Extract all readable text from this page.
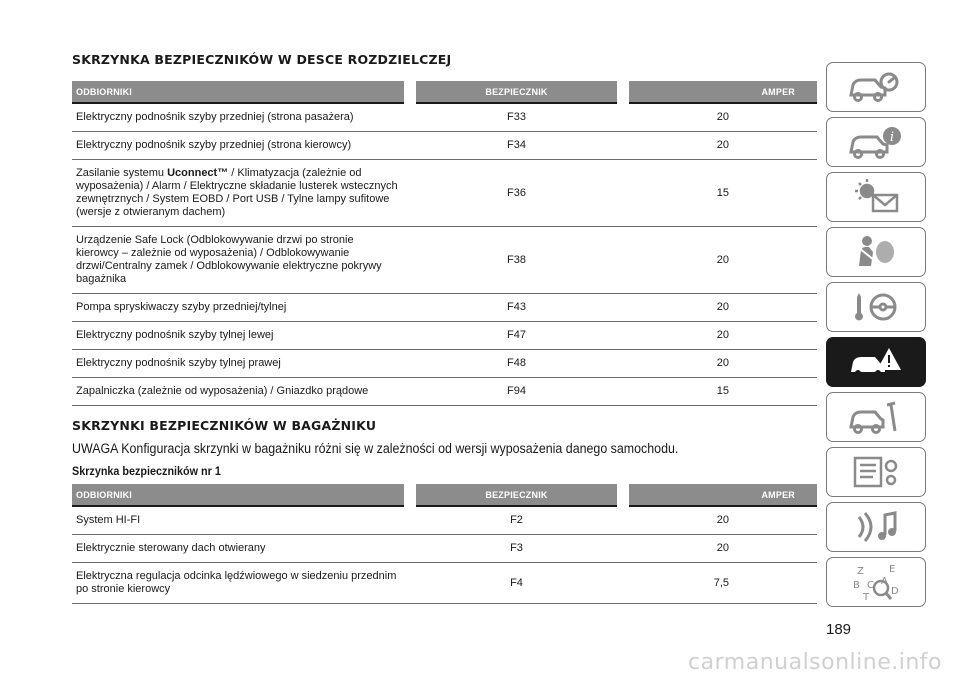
SKRZYNKA BEZPIECZNIKÓW W DESCE ROZDZIELCZEJ
ODBIORNIKI	BEZPIECZNIK	AMPER
Elektryczny podnośnik szyby przedniej (strona pasażera)	F33	20
Elektryczny podnośnik szyby przedniej (strona kierowcy)	F34	20
Zasilanie systemu Uconnect™ / Klimatyzacja (zależnie od wyposażenia) / Alarm / Elektryczne składanie lusterek wstecznych zewnętrznych / System EOBD / Port USB / Tylne lampy sufitowe (wersje z otwieranym dachem)	F36	15
Urządzenie Safe Lock (Odblokowywanie drzwi po stronie kierowcy – zależnie od wyposażenia) / Odblokowywanie drzwi/Centralny zamek / Odblokowywanie elektryczne pokrywy bagażnika	F38	20
Pompa spryskiwaczy szyby przedniej/tylnej	F43	20
Elektryczny podnośnik szyby tylnej lewej	F47	20
Elektryczny podnośnik szyby tylnej prawej	F48	20
Zapalniczka (zależnie od wyposażenia) / Gniazdko prądowe	F94	15
SKRZYNKI BEZPIECZNIKÓW W BAGAŻNIKU
UWAGA Konfiguracja skrzynki w bagażniku różni się w zależności od wersji wyposażenia danego samochodu.
Skrzynka bezpieczników nr 1
ODBIORNIKI	BEZPIECZNIK	AMPER
System HI-FI	F2	20
Elektrycznie sterowany dach otwierany	F3	20
Elektryczna regulacja odcinka lędźwiowego w siedzeniu przednim po stronie kierowcy	F4	7,5
i
Z	E
B C A
T
D
189
carmanualsonline.info
